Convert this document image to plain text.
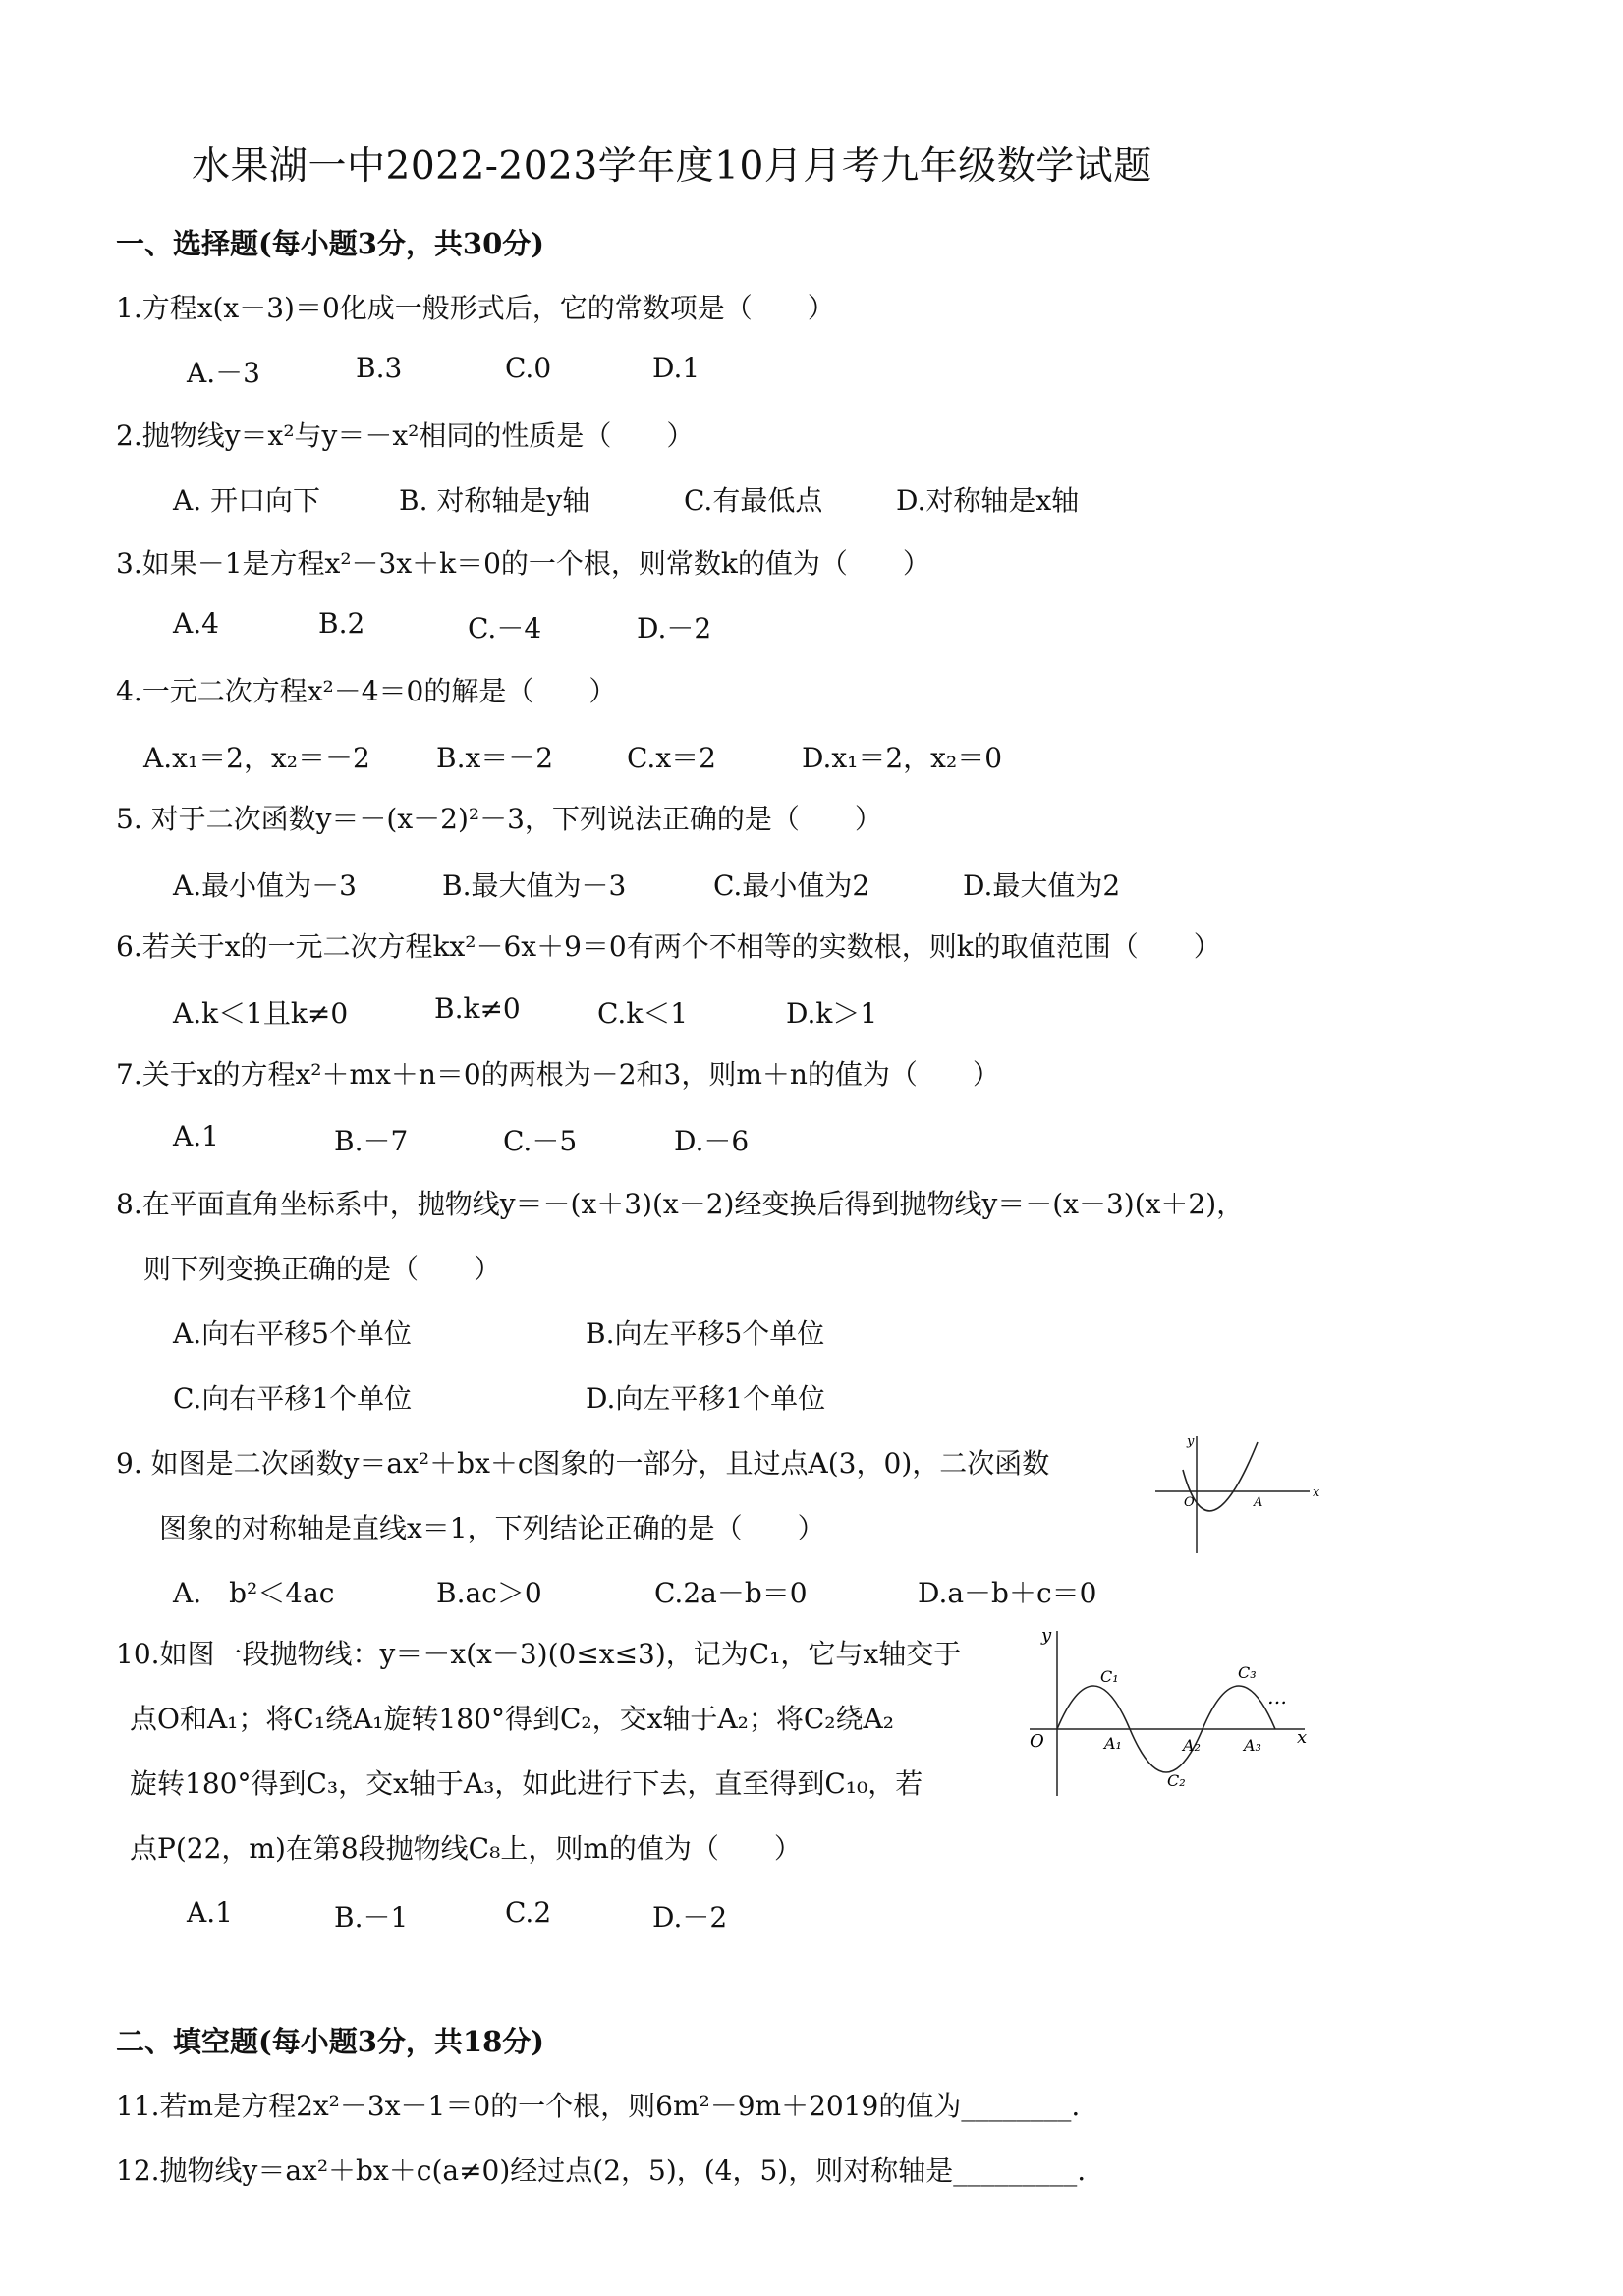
水果湖一中2022-2023学年度10月月考九年级数学试题
一、选择题(每小题3分，共30分)
1.方程x(x－3)＝0化成一般形式后，它的常数项是（　　）
A.－3	B.3	C.0	D.1
2.抛物线y＝x²与y＝－x²相同的性质是（　　）
A. 开口向下	B. 对称轴是y轴	C.有最低点	D.对称轴是x轴
3.如果－1是方程x²－3x＋k＝0的一个根，则常数k的值为（　　）
A.4	B.2	C.－4	D.－2
4.一元二次方程x²－4＝0的解是（　　）
A.x₁＝2，x₂＝－2 B.x＝－2	C.x＝2	D.x₁＝2，x₂＝0
5. 对于二次函数y＝－(x－2)²－3，下列说法正确的是（　　）
A.最小值为－3	B.最大值为－3	C.最小值为2	D.最大值为2
6.若关于x的一元二次方程kx²－6x＋9＝0有两个不相等的实数根，则k的取值范围（　　）
A.k＜1且k≠0	B.k≠0	C.k＜1	D.k＞1
7.关于x的方程x²＋mx＋n＝0的两根为－2和3，则m＋n的值为（　　）
A.1	B.－7	C.－5	D.－6
8.在平面直角坐标系中，抛物线y＝－(x＋3)(x－2)经变换后得到抛物线y＝－(x－3)(x＋2)，
则下列变换正确的是（　　）
A.向右平移5个单位	B.向左平移5个单位
C.向右平移1个单位	D.向左平移1个单位
9. 如图是二次函数y＝ax²＋bx＋c图象的一部分，且过点A(3，0)，二次函数
图象的对称轴是直线x＝1，下列结论正确的是（　　）
A.　b²＜4ac	B.ac＞0	C.2a－b＝0	D.a－b＋c＝0
y
x
O	A
10.如图一段抛物线：y＝－x(x－3)(0≤x≤3)，记为C₁，它与x轴交于
点O和A₁；将C₁绕A₁旋转180°得到C₂，交x轴于A₂；将C₂绕A₂
旋转180°得到C₃，交x轴于A₃，如此进行下去，直至得到C₁₀，若
点P(22，m)在第8段抛物线C₈上，则m的值为（　　）
A.1	B.－1	C.2	D.－2
y
x
O
C₁
C₂
C₃
A₁	A₂	A₃
…
二、填空题(每小题3分，共18分)
11.若m是方程2x²－3x－1＝0的一个根，则6m²－9m＋2019的值为________.
12.抛物线y＝ax²＋bx＋c(a≠0)经过点(2，5)，(4，5)，则对称轴是_________.
